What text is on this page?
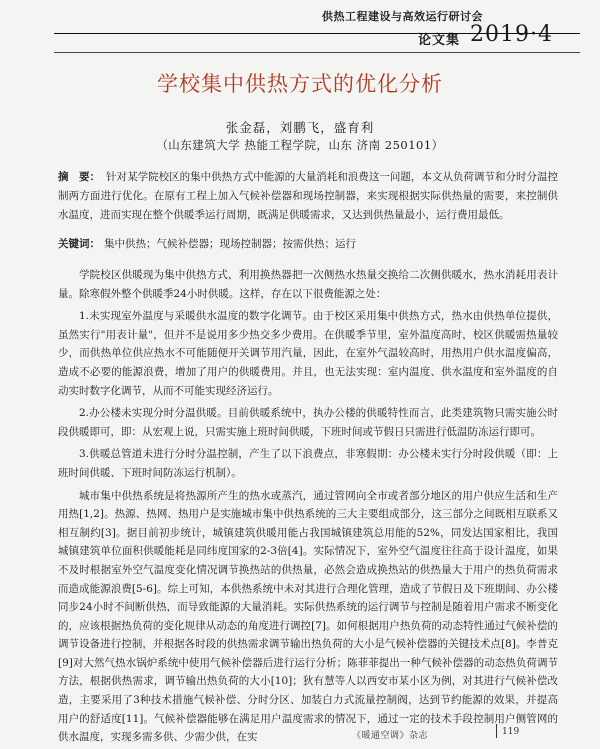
供热工程建设与高效运行研讨会
论文集 2019·4
学校集中供热方式的优化分析
张金磊，刘鹏飞，盛育利
（山东建筑大学 热能工程学院，山东 济南 250101）
摘　要： 针对某学院校区的集中供热方式中能源的大量消耗和浪费这一问题，本文从负荷调节和分时分温控制两方面进行优化。在原有工程上加入气候补偿器和现场控制器，来实现根据实际供热量的需要，来控制供水温度，进而实现在整个供暖季运行周期，既满足供暖需求，又达到供热量最小，运行费用最低。
关键词： 集中供热；气候补偿器；现场控制器；按需供热；运行

学院校区供暖现为集中供热方式，利用换热器把一次侧热水热量交换给二次侧供暖水，热水消耗用表计量。除寒假外整个供暖季24小时供暖。这样，存在以下很费能源之处：

1.未实现室外温度与采暖供水温度的数字化调节。由于校区采用集中供热方式，热水由供热单位提供，虽然实行"用表计量"，但并不是说用多少热交多少费用。在供暖季节里，室外温度高时，校区供暖需热量较少，而供热单位供应热水不可能随便开关调节用汽量，因此，在室外气温较高时，用热用户供水温度偏高，造成不必要的能源浪费，增加了用户的供暖费用。并且，也无法实现：室内温度、供水温度和室外温度的自动实时数字化调节，从而不可能实现经济运行。

2.办公楼未实现分时分温供暖。目前供暖系统中，执办公楼的供暖特性而言，此类建筑物只需实施公时段供暖即可，即：从宏观上说，只需实施上班时间供暖，下班时间或节假日只需进行低温防冻运行即可。

3.供暖总管道未进行分时分温控制，产生了以下浪费点，非寒假期：办公楼未实行分时段供暖（即：上班时间供暖、下班时间防冻运行机制）。

城市集中供热系统是将热源所产生的热水或蒸汽，通过管网向全市或者部分地区的用户供应生活和生产用热[1,2]。热源、热网、热用户是实施城市集中供热系统的三大主要组成部分，这三部分之间既相互联系又相互制约[3]。据目前初步统计，城镇建筑供暖用能占我国城镇建筑总用能的52%，同发达国家相比，我国城镇建筑单位面积供暖能耗是同纬度国家的2-3倍[4]。实际情况下，室外空气温度往往高于设计温度，如果不及时根据室外空气温度变化情况调节换热站的供热量，必然会造成换热站的供热量大于用户的热负荷需求而造成能源浪费[5-6]。综上可知，本供热系统中未对其进行合理化管理，造成了节假日及下班期间、办公楼同步24小时不间断供热，而导致能源的大量消耗。实际供热系统的运行调节与控制是随着用户需求不断变化的，应该根据热负荷的变化规律从动态的角度进行调控[7]。如何根据用户热负荷的动态特性通过气候补偿的调节设备进行控制，并根据各时段的供热需求调节输出热负荷的大小是气候补偿器的关键技术点[8]。李普克[9]对大然气热水锅炉系统中使用气候补偿器后进行运行分析；陈菲菲提出一种气候补偿器的动态热负荷调节方法，根据供热需求，调节输出热负荷的大小[10]；狄有慧等人以西安市某小区为例，对其进行气候补偿改造，主要采用了3种技术措施气候补偿、分时分区、加装白力式流量控制阀，达到节约能源的效果，并提高用户的舒适度[11]。气候补偿器能够在满足用户温度需求的情况下，通过一定的技术手段控制用户侧管网的供水温度，实现多需多供、少需少供，在实	《暖通空调》杂志	119
